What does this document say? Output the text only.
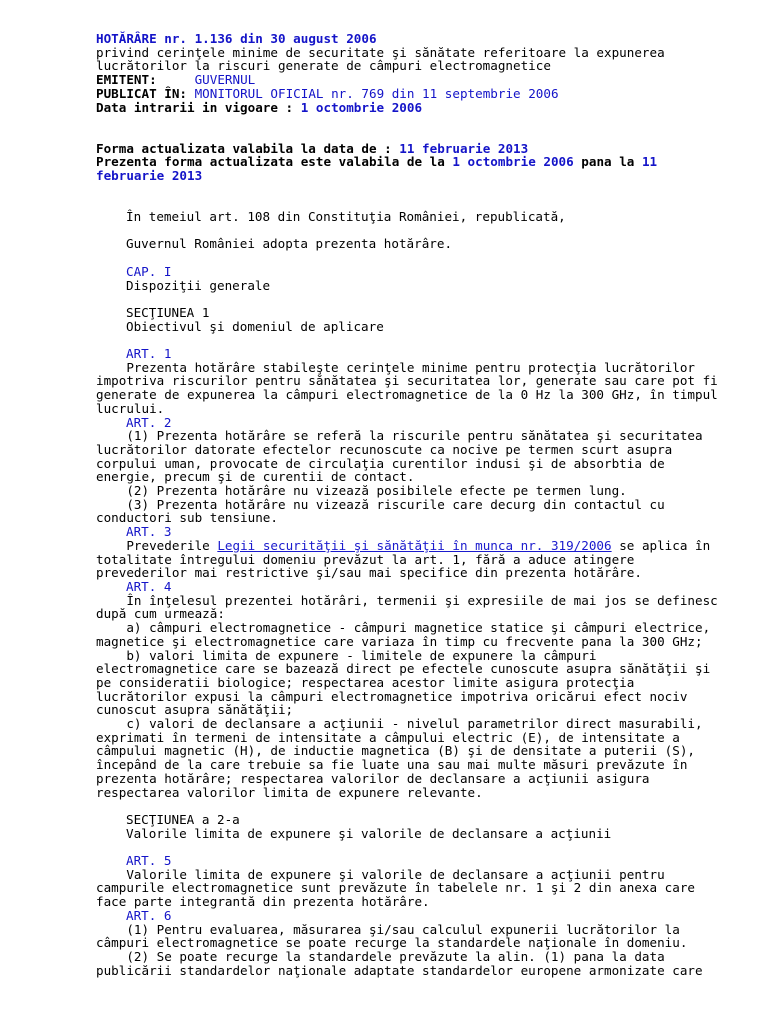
HOTĂRÂRE nr. 1.136 din 30 august 2006
privind cerinţele minime de securitate şi sănătate referitoare la expunerea
lucrătorilor la riscuri generate de câmpuri electromagnetice
EMITENT:	GUVERNUL
PUBLICAT ÎN: MONITORUL OFICIAL nr. 769 din 11 septembrie 2006
Data intrarii in vigoare : 1 octombrie 2006
Forma actualizata valabila la data de : 11 februarie 2013
Prezenta forma actualizata este valabila de la 1 octombrie 2006 pana la 11
februarie 2013
În temeiul art. 108 din Constituţia României, republicată,
Guvernul României adopta prezenta hotărâre.
CAP. I
Dispoziţii generale
SECŢIUNEA 1
Obiectivul şi domeniul de aplicare
ART. 1
Prezenta hotărâre stabileşte cerinţele minime pentru protecţia lucrătorilor
impotriva riscurilor pentru sănătatea şi securitatea lor, generate sau care pot fi
generate de expunerea la câmpuri electromagnetice de la 0 Hz la 300 GHz, în timpul
lucrului.
ART. 2
(1) Prezenta hotărâre se referă la riscurile pentru sănătatea şi securitatea
lucrătorilor datorate efectelor recunoscute ca nocive pe termen scurt asupra
corpului uman, provocate de circulaţia curentilor indusi şi de absorbtia de
energie, precum şi de curentii de contact.
(2) Prezenta hotărâre nu vizează posibilele efecte pe termen lung.
(3) Prezenta hotărâre nu vizează riscurile care decurg din contactul cu
conductori sub tensiune.
ART. 3
Prevederile Legii securităţii şi sănătăţii în munca nr. 319/2006 se aplica în
totalitate întregului domeniu prevăzut la art. 1, fără a aduce atingere
prevederilor mai restrictive şi/sau mai specifice din prezenta hotărâre.
ART. 4
În înţelesul prezentei hotărâri, termenii şi expresiile de mai jos se definesc
după cum urmează:
a) câmpuri electromagnetice - câmpuri magnetice statice şi câmpuri electrice,
magnetice şi electromagnetice care variaza în timp cu frecvente pana la 300 GHz;
b) valori limita de expunere - limitele de expunere la câmpuri
electromagnetice care se bazează direct pe efectele cunoscute asupra sănătăţii şi
pe consideratii biologice; respectarea acestor limite asigura protecţia
lucrătorilor expusi la câmpuri electromagnetice impotriva oricărui efect nociv
cunoscut asupra sănătăţii;
c) valori de declansare a acţiunii - nivelul parametrilor direct masurabili,
exprimati în termeni de intensitate a câmpului electric (E), de intensitate a
câmpului magnetic (H), de inductie magnetica (B) şi de densitate a puterii (S),
începând de la care trebuie sa fie luate una sau mai multe măsuri prevăzute în
prezenta hotărâre; respectarea valorilor de declansare a acţiunii asigura
respectarea valorilor limita de expunere relevante.
SECŢIUNEA a 2-a
Valorile limita de expunere şi valorile de declansare a acţiunii
ART. 5
Valorile limita de expunere şi valorile de declansare a acţiunii pentru
campurile electromagnetice sunt prevăzute în tabelele nr. 1 şi 2 din anexa care
face parte integrantă din prezenta hotărâre.
ART. 6
(1) Pentru evaluarea, măsurarea şi/sau calculul expunerii lucrătorilor la
câmpuri electromagnetice se poate recurge la standardele naţionale în domeniu.
(2) Se poate recurge la standardele prevăzute la alin. (1) pana la data
publicării standardelor naţionale adaptate standardelor europene armonizate care
